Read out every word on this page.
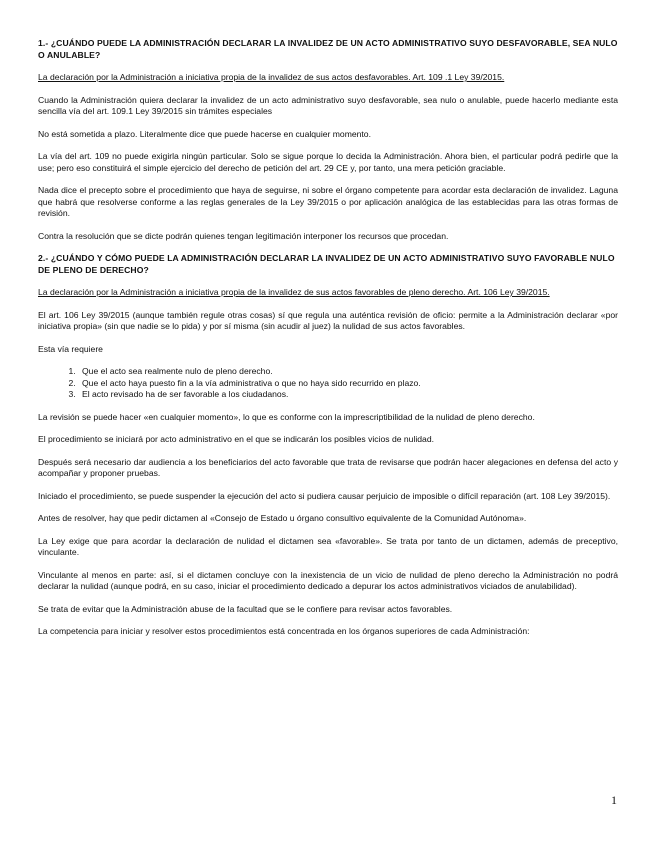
1.- ¿CUÁNDO PUEDE LA ADMINISTRACIÓN DECLARAR LA INVALIDEZ DE UN ACTO ADMINISTRATIVO SUYO DESFAVORABLE, SEA NULO O ANULABLE?
La declaración por la Administración a iniciativa propia de la invalidez de sus actos desfavorables. Art. 109 .1 Ley 39/2015.

Cuando la Administración quiera declarar la invalidez de un acto administrativo suyo desfavorable, sea nulo o anulable, puede hacerlo mediante esta sencilla vía del art. 109.1 Ley 39/2015 sin trámites especiales

No está sometida a plazo. Literalmente dice que puede hacerse en cualquier momento.

La vía del art. 109 no puede exigirla ningún particular. Solo se sigue porque lo decida la Administración. Ahora bien, el particular podrá pedirle que la use; pero eso constituirá el simple ejercicio del derecho de petición del art. 29 CE y, por tanto, una mera petición graciable.

Nada dice el precepto sobre el procedimiento que haya de seguirse, ni sobre el órgano competente para acordar esta declaración de invalidez. Laguna que habrá que resolverse conforme a las reglas generales de la Ley 39/2015 o por aplicación analógica de las establecidas para las otras formas de revisión.

Contra la resolución que se dicte podrán quienes tengan legitimación interponer los recursos que procedan.

2.- ¿CUÁNDO Y CÓMO PUEDE LA ADMINISTRACIÓN DECLARAR LA INVALIDEZ DE UN ACTO ADMINISTRATIVO SUYO FAVORABLE NULO DE PLENO DE DERECHO?
La declaración por la Administración a iniciativa propia de la invalidez de sus actos favorables de pleno derecho. Art. 106 Ley 39/2015.

El art. 106 Ley 39/2015 (aunque también regule otras cosas) sí que regula una auténtica revisión de oficio: permite a la Administración declarar «por iniciativa propia» (sin que nadie se lo pida) y por sí misma (sin acudir al juez) la nulidad de sus actos favorables.

Esta vía requiere

1. Que el acto sea realmente nulo de pleno derecho.
2. Que el acto haya puesto fin a la vía administrativa o que no haya sido recurrido en plazo.
3. El acto revisado ha de ser favorable a los ciudadanos.

La revisión se puede hacer «en cualquier momento», lo que es conforme con la imprescriptibilidad de la nulidad de pleno derecho.

El procedimiento se iniciará por acto administrativo en el que se indicarán los posibles vicios de nulidad.

Después será necesario dar audiencia a los beneficiarios del acto favorable que trata de revisarse que podrán hacer alegaciones en defensa del acto y acompañar y proponer pruebas.

Iniciado el procedimiento, se puede suspender la ejecución del acto si pudiera causar perjuicio de imposible o difícil reparación (art. 108 Ley 39/2015).

Antes de resolver, hay que pedir dictamen al «Consejo de Estado u órgano consultivo equivalente de la Comunidad Autónoma».

La Ley exige que para acordar la declaración de nulidad el dictamen sea «favorable». Se trata por tanto de un dictamen, además de preceptivo, vinculante.

Vinculante al menos en parte: así, si el dictamen concluye con la inexistencia de un vicio de nulidad de pleno derecho la Administración no podrá declarar la nulidad (aunque podrá, en su caso, iniciar el procedimiento dedicado a depurar los actos administrativos viciados de anulabilidad).

Se trata de evitar que la Administración abuse de la facultad que se le confiere para revisar actos favorables.

La competencia para iniciar y resolver estos procedimientos está concentrada en los órganos superiores de cada Administración:

1
